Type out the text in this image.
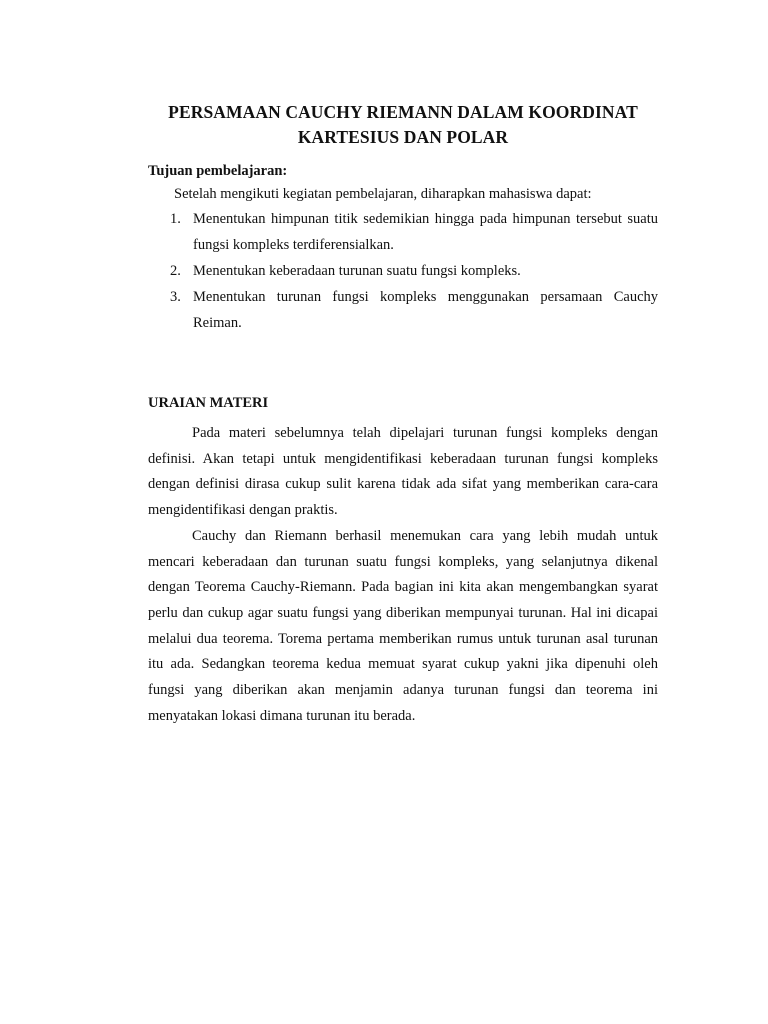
PERSAMAAN CAUCHY RIEMANN DALAM KOORDINAT KARTESIUS DAN POLAR
Tujuan pembelajaran:
Setelah mengikuti kegiatan pembelajaran, diharapkan mahasiswa dapat:
1. Menentukan himpunan titik sedemikian hingga pada himpunan tersebut suatu fungsi kompleks terdiferensialkan.
2. Menentukan keberadaan turunan suatu fungsi kompleks.
3. Menentukan turunan fungsi kompleks menggunakan persamaan Cauchy Reiman.
URAIAN MATERI

Pada materi sebelumnya telah dipelajari turunan fungsi kompleks dengan definisi. Akan tetapi untuk mengidentifikasi keberadaan turunan fungsi kompleks dengan definisi dirasa cukup sulit karena tidak ada sifat yang memberikan cara-cara mengidentifikasi dengan praktis.

Cauchy dan Riemann berhasil menemukan cara yang lebih mudah untuk mencari keberadaan dan turunan suatu fungsi kompleks, yang selanjutnya dikenal dengan Teorema Cauchy-Riemann. Pada bagian ini kita akan mengembangkan syarat perlu dan cukup agar suatu fungsi yang diberikan mempunyai turunan. Hal ini dicapai melalui dua teorema. Torema pertama memberikan rumus untuk turunan asal turunan itu ada. Sedangkan teorema kedua memuat syarat cukup yakni jika dipenuhi oleh fungsi yang diberikan akan menjamin adanya turunan fungsi dan teorema ini menyatakan lokasi dimana turunan itu berada.
